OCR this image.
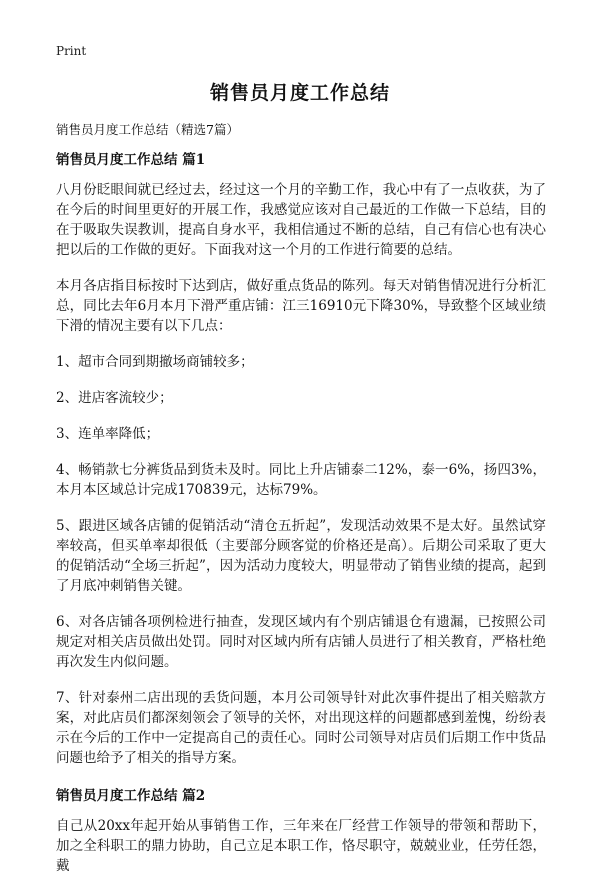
Print
销售员月度工作总结
销售员月度工作总结（精选7篇）
销售员月度工作总结 篇1

八月份眨眼间就已经过去，经过这一个月的辛勤工作，我心中有了一点收获，为了在今后的时间里更好的开展工作，我感觉应该对自己最近的工作做一下总结，目的在于吸取失误教训，提高自身水平，我相信通过不断的总结，自己有信心也有决心把以后的工作做的更好。下面我对这一个月的工作进行简要的总结。

本月各店指目标按时下达到店，做好重点货品的陈列。每天对销售情况进行分析汇总，同比去年6月本月下滑严重店铺：江三16910元下降30%，导致整个区域业绩下滑的情况主要有以下几点：

1、超市合同到期撤场商铺较多；

2、进店客流较少；

3、连单率降低；

4、畅销款七分裤货品到货未及时。同比上升店铺泰二12%，泰一6%，扬四3%，本月本区域总计完成170839元，达标79%。

5、跟进区域各店铺的促销活动“清仓五折起”，发现活动效果不是太好。虽然试穿率较高，但买单率却很低（主要部分顾客觉的价格还是高）。后期公司采取了更大的促销活动“全场三折起”，因为活动力度较大，明显带动了销售业绩的提高，起到了月底冲刺销售关键。

6、对各店铺各项例检进行抽查，发现区域内有个别店铺退仓有遗漏，已按照公司规定对相关店员做出处罚。同时对区域内所有店铺人员进行了相关教育，严格杜绝再次发生内似问题。

7、针对泰州二店出现的丢货问题，本月公司领导针对此次事件提出了相关赔款方案，对此店员们都深刻领会了领导的关怀，对出现这样的问题都感到羞愧，纷纷表示在今后的工作中一定提高自己的责任心。同时公司领导对店员们后期工作中货品问题也给予了相关的指导方案。

销售员月度工作总结 篇2

自己从20xx年起开始从事销售工作，三年来在厂经营工作领导的带领和帮助下，加之全科职工的鼎力协助，自己立足本职工作，恪尽职守，兢兢业业，任劳任怨，戴
